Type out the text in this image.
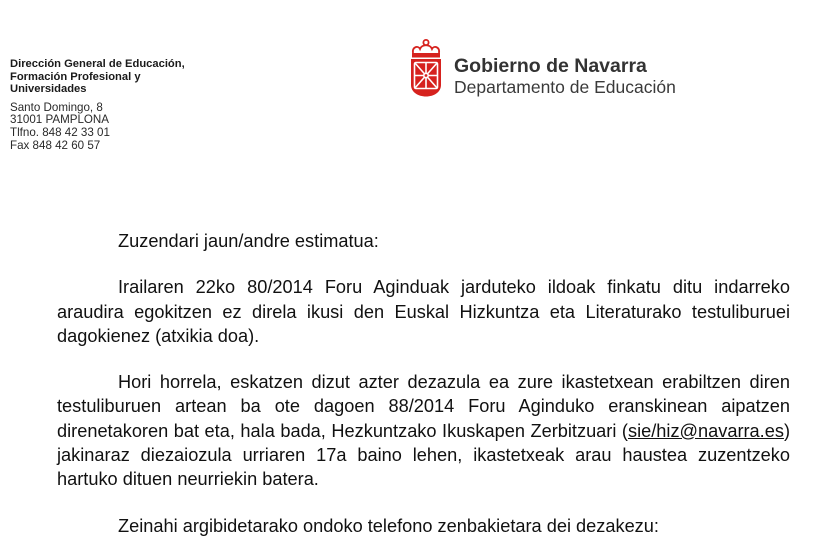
Dirección General de Educación,
Formación Profesional y
Universidades
Santo Domingo, 8
31001 PAMPLONA
Tlfno. 848 42 33 01
Fax 848 42 60 57
Gobierno de Navarra
Departamento de Educación

Zuzendari jaun/andre estimatua:

Irailaren 22ko 80/2014 Foru Aginduak jarduteko ildoak finkatu ditu indarreko araudira egokitzen ez direla ikusi den Euskal Hizkuntza eta Literaturako testuliburuei dagokienez (atxikia doa).

Hori horrela, eskatzen dizut azter dezazula ea zure ikastetxean erabiltzen diren testuliburuen artean ba ote dagoen 88/2014 Foru Aginduko eranskinean aipatzen direnetakoren bat eta, hala bada, Hezkuntzako Ikuskapen Zerbitzuari (sie/hiz@navarra.es) jakinaraz diezaiozula urriaren 17a baino lehen, ikastetxeak arau haustea zuzentzeko hartuko dituen neurriekin batera.

Zeinahi argibidetarako ondoko telefono zenbakietara dei dezakezu:
